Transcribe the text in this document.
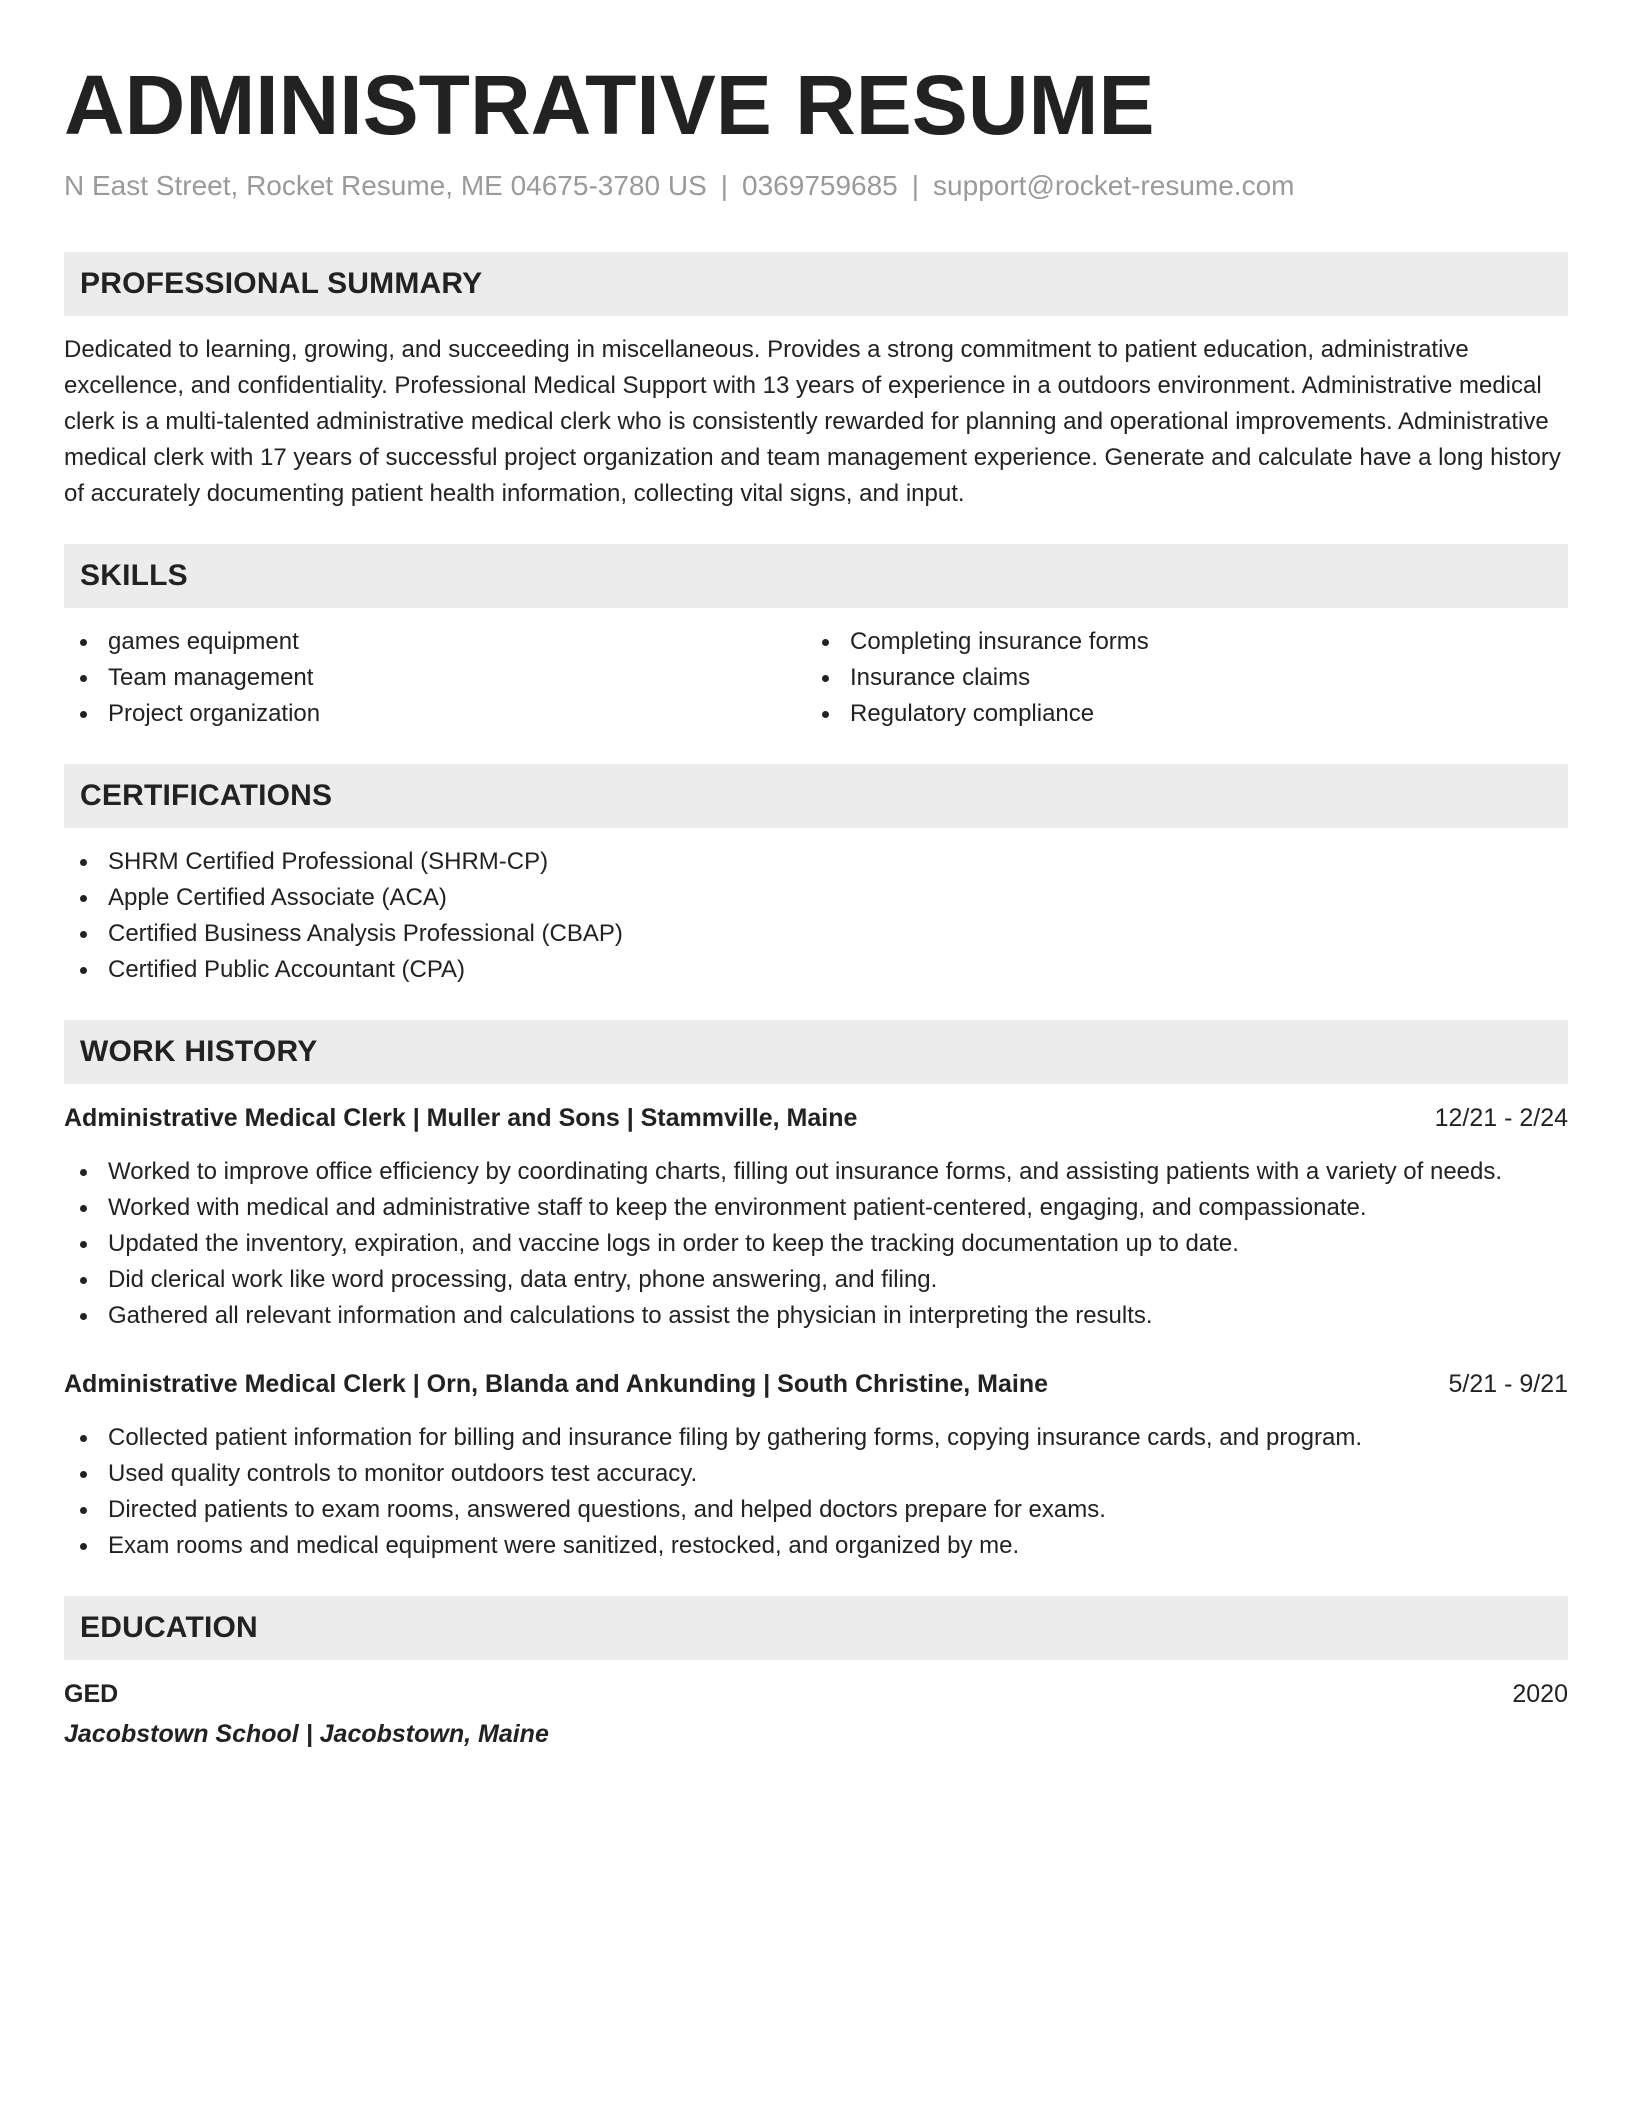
ADMINISTRATIVE RESUME
N East Street, Rocket Resume, ME 04675-3780 US | 0369759685 | support@rocket-resume.com
PROFESSIONAL SUMMARY

Dedicated to learning, growing, and succeeding in miscellaneous. Provides a strong commitment to patient education, administrative excellence, and confidentiality. Professional Medical Support with 13 years of experience in a outdoors environment. Administrative medical clerk is a multi-talented administrative medical clerk who is consistently rewarded for planning and operational improvements. Administrative medical clerk with 17 years of successful project organization and team management experience. Generate and calculate have a long history of accurately documenting patient health information, collecting vital signs, and input.

SKILLS
games equipment
Team management
Project organization
Completing insurance forms
Insurance claims
Regulatory compliance
CERTIFICATIONS
SHRM Certified Professional (SHRM-CP)
Apple Certified Associate (ACA)
Certified Business Analysis Professional (CBAP)
Certified Public Accountant (CPA)
WORK HISTORY
Administrative Medical Clerk | Muller and Sons | Stammville, Maine	12/21 - 2/24
Worked to improve office efficiency by coordinating charts, filling out insurance forms, and assisting patients with a variety of needs.
Worked with medical and administrative staff to keep the environment patient-centered, engaging, and compassionate.
Updated the inventory, expiration, and vaccine logs in order to keep the tracking documentation up to date.
Did clerical work like word processing, data entry, phone answering, and filing.
Gathered all relevant information and calculations to assist the physician in interpreting the results.
Administrative Medical Clerk | Orn, Blanda and Ankunding | South Christine, Maine	5/21 - 9/21
Collected patient information for billing and insurance filing by gathering forms, copying insurance cards, and program.
Used quality controls to monitor outdoors test accuracy.
Directed patients to exam rooms, answered questions, and helped doctors prepare for exams.
Exam rooms and medical equipment were sanitized, restocked, and organized by me.
EDUCATION
GED	2020
Jacobstown School | Jacobstown, Maine
